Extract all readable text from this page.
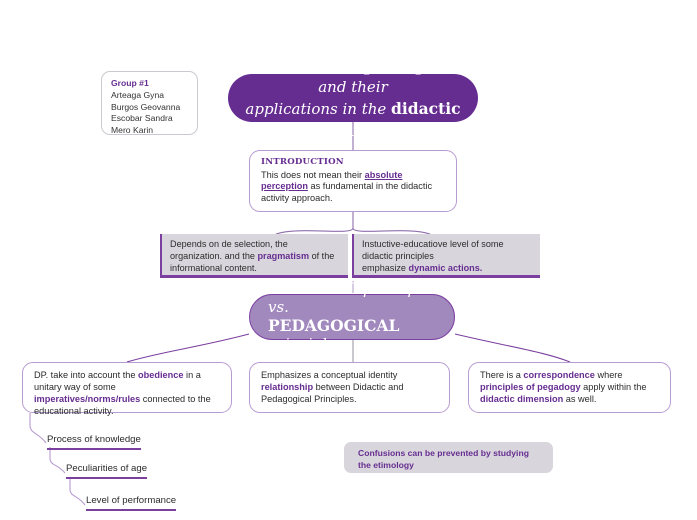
Group #1
Arteaga Gyna
Burgos Geovanna
Escobar Sandra
Mero Karin
The didactic principles and their
applications in the didactic activity
INTRODUCTION
This does not mean their absolute perception as fundamental in the didactic
activity approach.
Depends on de selection, the organization. and the pragmatism of the informational content.
Instuctive-educatiove level of some
didactic principles
emphasize dynamic actions.
DIDACTIC principles vs.
PEDAGOGICAL principles
DP. take into account the obedience in a unitary way of some imperatives/norms/rules connected to the educational activity.
Emphasizes a conceptual identity relationship between Didactic and Pedagogical Principles.
There is a correspondence where principles of pegadogy apply within the didactic dimension as well.
Process of knowledge
Peculiarities of age
Level of performance
Confusions can be prevented by studying
the etimology
